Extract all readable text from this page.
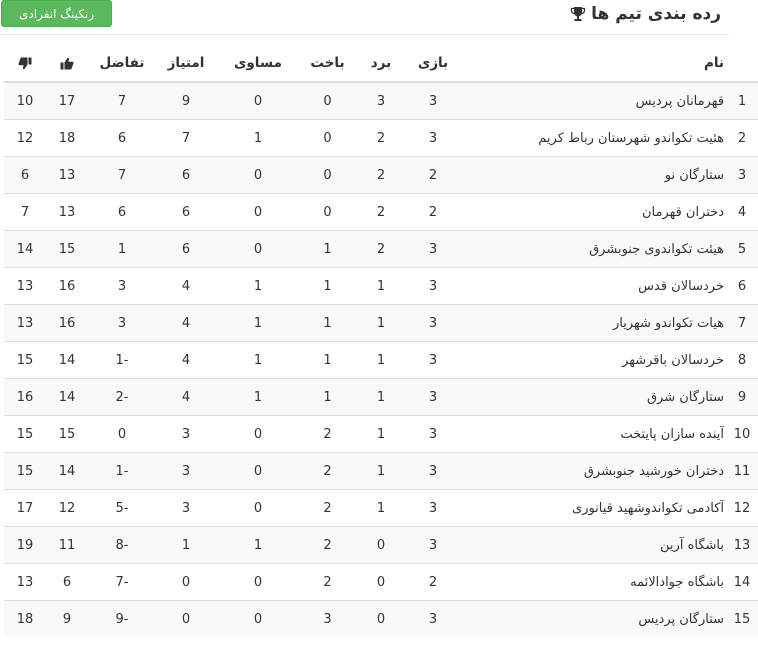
رده بندی تیم ها
رنکینگ انفرادی
	نام	بازی	برد	باخت	مساوی	امتیاز	تفاضل		
1	قهرمانان پردیس	3	3	0	0	9	7	17	10
2	هئیت تکواندو شهرستان رباط کریم	3	2	0	1	7	6	18	12
3	ستارگان نو	2	2	0	0	6	7	13	6
4	دختران قهرمان	2	2	0	0	6	6	13	7
5	هیئت تکواندوی جنوبشرق	3	2	1	0	6	1	15	14
6	خردسالان قدس	3	1	1	1	4	3	16	13
7	هیات تکواندو شهریار	3	1	1	1	4	3	16	13
8	خردسالان باقرشهر	3	1	1	1	4	1-	14	15
9	ستارگان شرق	3	1	1	1	4	2-	14	16
10	آینده سازان پایتخت	3	1	2	0	3	0	15	15
11	دختران خورشید جنوبشرق	3	1	2	0	3	1-	14	15
12	آکادمی تکواندوشهید قیانوری	3	1	2	0	3	5-	12	17
13	باشگاه آرین	3	0	2	1	1	8-	11	19
14	باشگاه جوادالائمه	2	0	2	0	0	7-	6	13
15	ستارگان پردیس	3	0	3	0	0	9-	9	18
